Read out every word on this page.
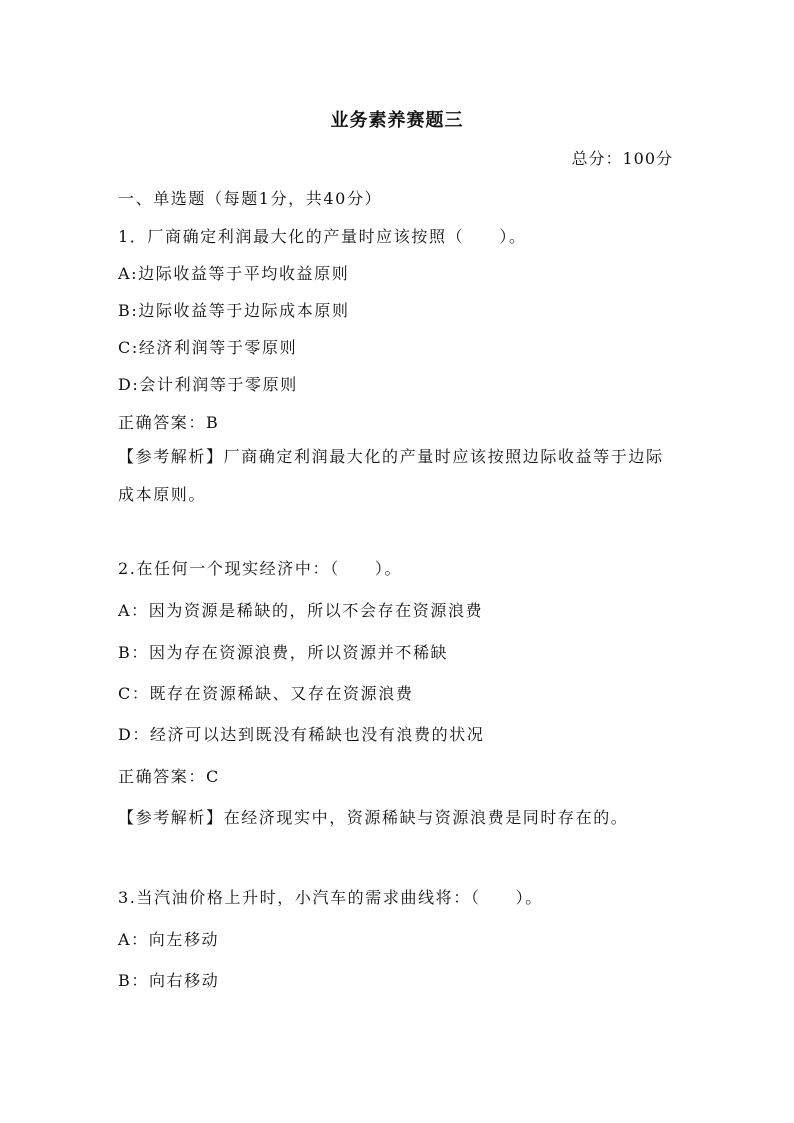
业务素养赛题三
总分：100分
一、单选题（每题1分，共40分）
1．厂商确定利润最大化的产量时应该按照（　　）。
A:边际收益等于平均收益原则
B:边际收益等于边际成本原则
C:经济利润等于零原则
D:会计利润等于零原则
正确答案：B
【参考解析】厂商确定利润最大化的产量时应该按照边际收益等于边际成本原则。
2.在任何一个现实经济中：（　　）。
A：因为资源是稀缺的，所以不会存在资源浪费
B：因为存在资源浪费，所以资源并不稀缺
C：既存在资源稀缺、又存在资源浪费
D：经济可以达到既没有稀缺也没有浪费的状况
正确答案：C
【参考解析】在经济现实中，资源稀缺与资源浪费是同时存在的。
3.当汽油价格上升时，小汽车的需求曲线将：（　　）。
A：向左移动
B：向右移动
